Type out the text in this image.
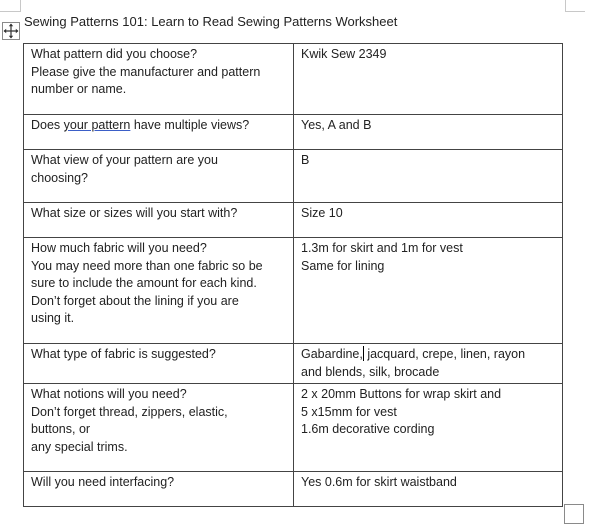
Sewing Patterns 101: Learn to Read Sewing Patterns Worksheet
What pattern did you choose?
Please give the manufacturer and pattern
number or name.	Kwik Sew 2349

Does your pattern have multiple views?	Yes, A and B

What view of your pattern are you
choosing?	B

What size or sizes will you start with?	Size 10

How much fabric will you need?
You may need more than one fabric so be
sure to include the amount for each kind.
Don’t forget about the lining if you are
using it.	1.3m for skirt and 1m for vest
Same for lining

What type of fabric is suggested?	Gabardine, jacquard, crepe, linen, rayon
and blends, silk, brocade

What notions will you need?
Don’t forget thread, zippers, elastic,
buttons, or
any special trims.	2 x 20mm Buttons for wrap skirt and
5 x15mm for vest
1.6m decorative cording

Will you need interfacing?	Yes 0.6m for skirt waistband
